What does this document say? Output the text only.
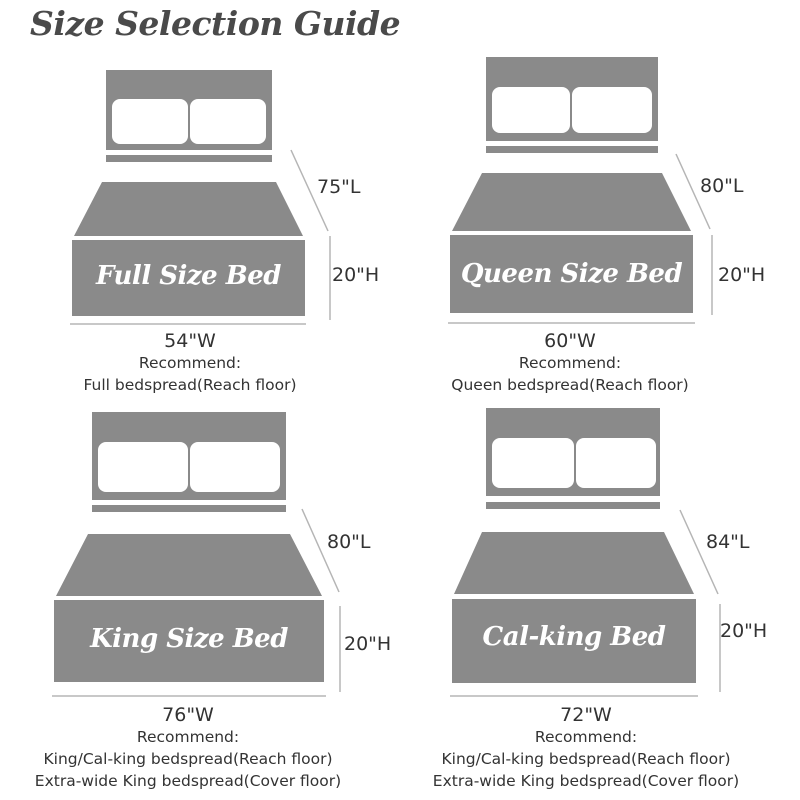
Size Selection Guide
Full Size Bed
75"L
20"H
54"W
Recommend:
Full bedspread(Reach floor)
Queen Size Bed
80"L
20"H
60"W
Recommend:
Queen bedspread(Reach floor)
King Size Bed
80"L
20"H
76"W
Recommend:
King/Cal-king bedspread(Reach floor)
Extra-wide King bedspread(Cover floor)
Cal-king Bed
84"L
20"H
72"W
Recommend:
King/Cal-king bedspread(Reach floor)
Extra-wide King bedspread(Cover floor)
